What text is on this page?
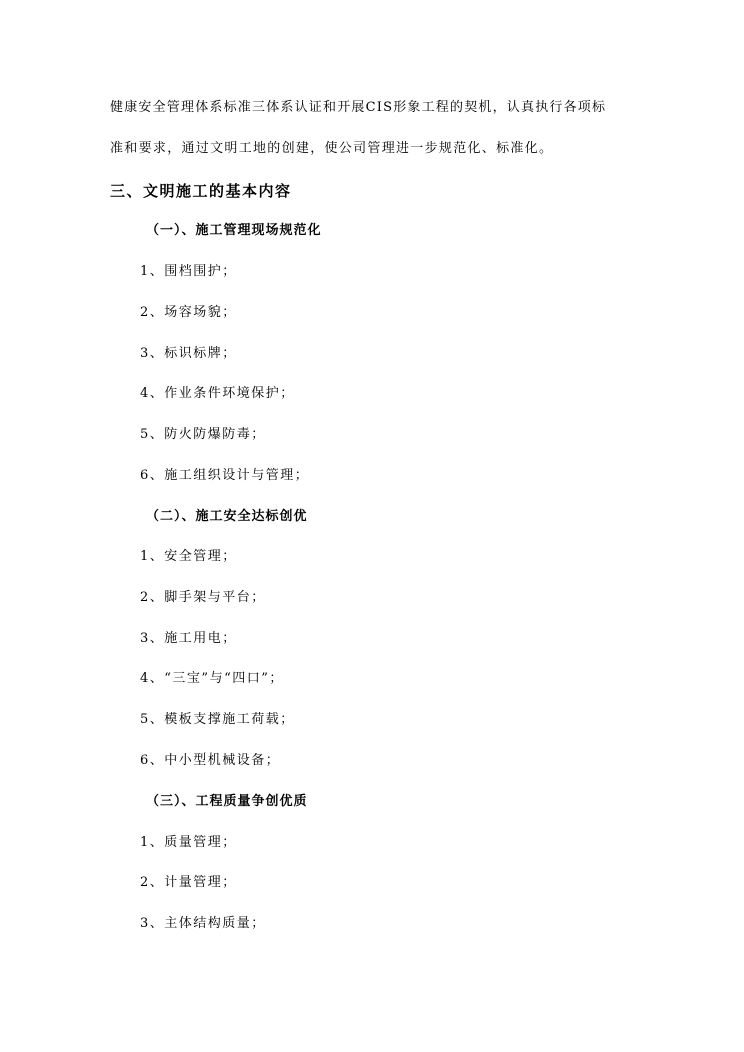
健康安全管理体系标准三体系认证和开展CIS形象工程的契机，认真执行各项标
准和要求，通过文明工地的创建，使公司管理进一步规范化、标准化。
三、文明施工的基本内容
（一）、施工管理现场规范化
1、围档围护；
2、场容场貌；
3、标识标牌；
4、作业条件环境保护；
5、防火防爆防毒；
6、施工组织设计与管理；
（二）、施工安全达标创优
1、安全管理；
2、脚手架与平台；
3、施工用电；
4、“三宝”与“四口”；
5、模板支撑施工荷载；
6、中小型机械设备；
（三）、工程质量争创优质
1、质量管理；
2、计量管理；
3、主体结构质量；
